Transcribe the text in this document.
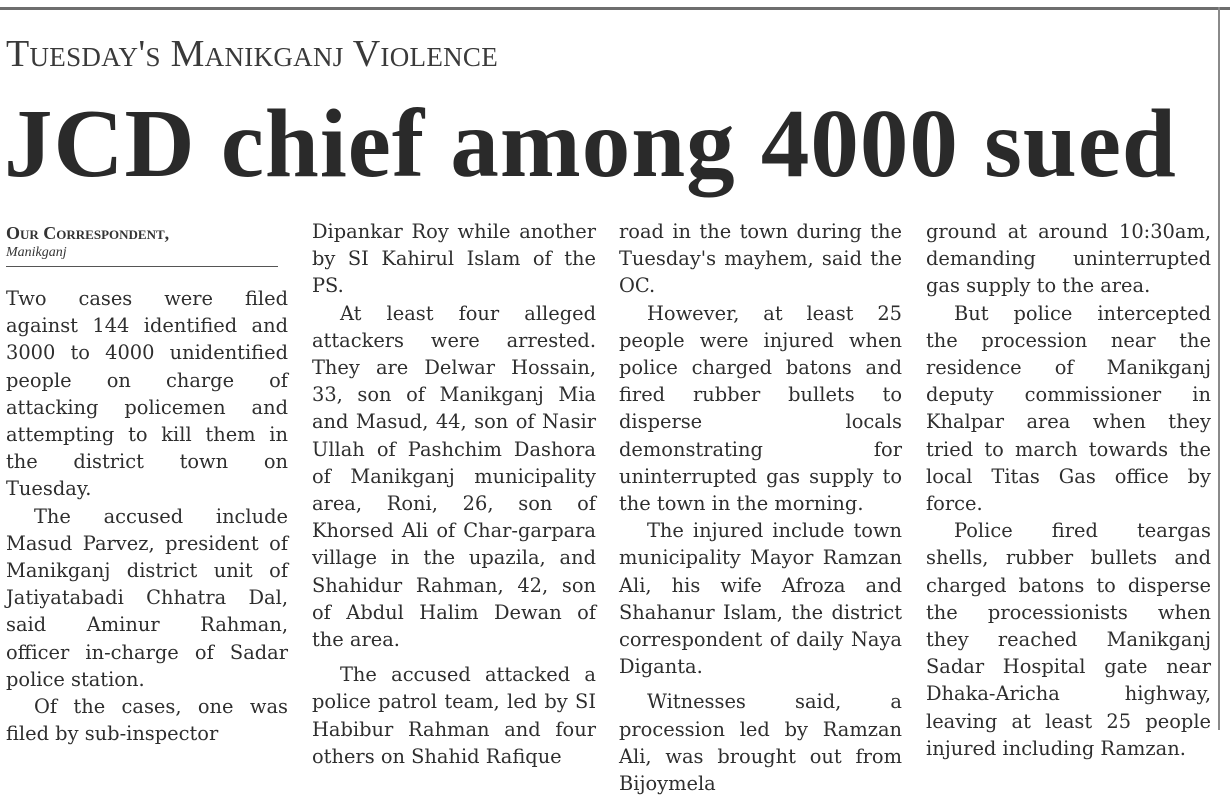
Tuesday's Manikganj Violence
JCD chief among 4000 sued
Our Correspondent,
Manikganj

Two cases were filed against 144 identified and 3000 to 4000 unidentified people on charge of attacking policemen and attempting to kill them in the district town on Tuesday.

The accused include Masud Parvez, president of Manikganj district unit of Jatiyatabadi Chhatra Dal, said Aminur Rahman, officer in-charge of Sadar police station.

Of the cases, one was filed by sub-inspector

Dipankar Roy while another by SI Kahirul Islam of the PS.

At least four alleged attackers were arrested. They are Delwar Hossain, 33, son of Manikganj Mia and Masud, 44, son of Nasir Ullah of Pashchim Dashora of Manikganj municipality area, Roni, 26, son of Khorsed Ali of Char-garpara village in the upazila, and Shahidur Rahman, 42, son of Abdul Halim Dewan of the area.

The accused attacked a police patrol team, led by SI Habibur Rahman and four others on Shahid Rafique

road in the town during the Tuesday's mayhem, said the OC.

However, at least 25 people were injured when police charged batons and fired rubber bullets to disperse locals demonstrating for uninterrupted gas supply to the town in the morning.

The injured include town municipality Mayor Ramzan Ali, his wife Afroza and Shahanur Islam, the district correspondent of daily Naya Diganta.

Witnesses said, a procession led by Ramzan Ali, was brought out from Bijoymela

ground at around 10:30am, demanding uninterrupted gas supply to the area.

But police intercepted the procession near the residence of Manikganj deputy commissioner in Khalpar area when they tried to march towards the local Titas Gas office by force.

Police fired teargas shells, rubber bullets and charged batons to disperse the processionists when they reached Manikganj Sadar Hospital gate near Dhaka-Aricha highway, leaving at least 25 people injured including Ramzan.
